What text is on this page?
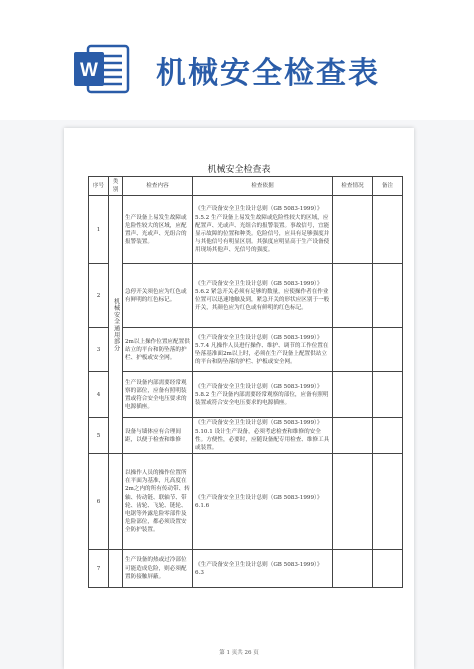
W 机械安全检查表
机械安全检查表
序号	类别	检查内容	检查依据	检查情况	备注
1	机械安全通用部分	生产设备上易发生故障或危险性较大的区域，应配置声、光或声、光组合的报警装置。	《生产设备安全卫生设计总则（GB 5083-1999）》5.5.2 生产设备上易发生故障或危险性较大的区域，应配置声、光或声、光组合的报警装置。事故信号，宜能显示故障的位置和种类。危险信号，应具有足够强度并与其他信号有明显区别。其强度应明显高于生产设备使用现场其他声、光信号的强度。		
2		急停开关须色应为红色或有鲜明的红色标记。	《生产设备安全卫生设计总则（GB 5083-1999）》5.6.2 紧急开关必须有足够的数量，应使操作者在作业位置可以迅速地触及到，紧急开关的形状应区别于一般开关，其颜色应为红色或有鲜明的红色标记。		
3		2m以上操作位置应配置供站立的平台和防坠落的护栏、护板或安全网。	《生产设备安全卫生设计总则（GB 5083-1999）》5.7.4 凡操作人员进行操作、维护、调节的工作位置在坠落基准面2m以上时，必须在生产设备上配置供站立的平台和防坠落的护栏、护板或安全网。		
4		生产设备内部需要经常观察的部位，应备有照明装置或符合安全电压要求的电源插座。	《生产设备安全卫生设计总则（GB 5083-1999）》5.8.2 生产设备内部需要经常观察的部位，应备有照明装置或符合安全电压要求的电源插座。		
5		设备与墙体应有合理间距，以便于检查和维修	《生产设备安全卫生设计总则（GB 5083-1999）》5.10.1 设计生产设备，必须考虑检查和维修的安全性。方便性，必要时，应随设备配专用检查、维修工具或装置。		
6		以操作人员的操作位置所在平面为基准，凡高度在2m之内的所有传动带、转轴、传动链、联轴节、带轮、齿轮、飞轮、链轮、电锯等外露危险零部件及危险部位，都必须设置安全防护装置。	《生产设备安全卫生设计总则（GB 5083-1999）》6.1.6		
7		生产设备的热或过冷部位可能造成危险，则必须配置防接触屏蔽。	《生产设备安全卫生设计总则（GB 5083-1999）》6.3		
第 1 页共 26 页
